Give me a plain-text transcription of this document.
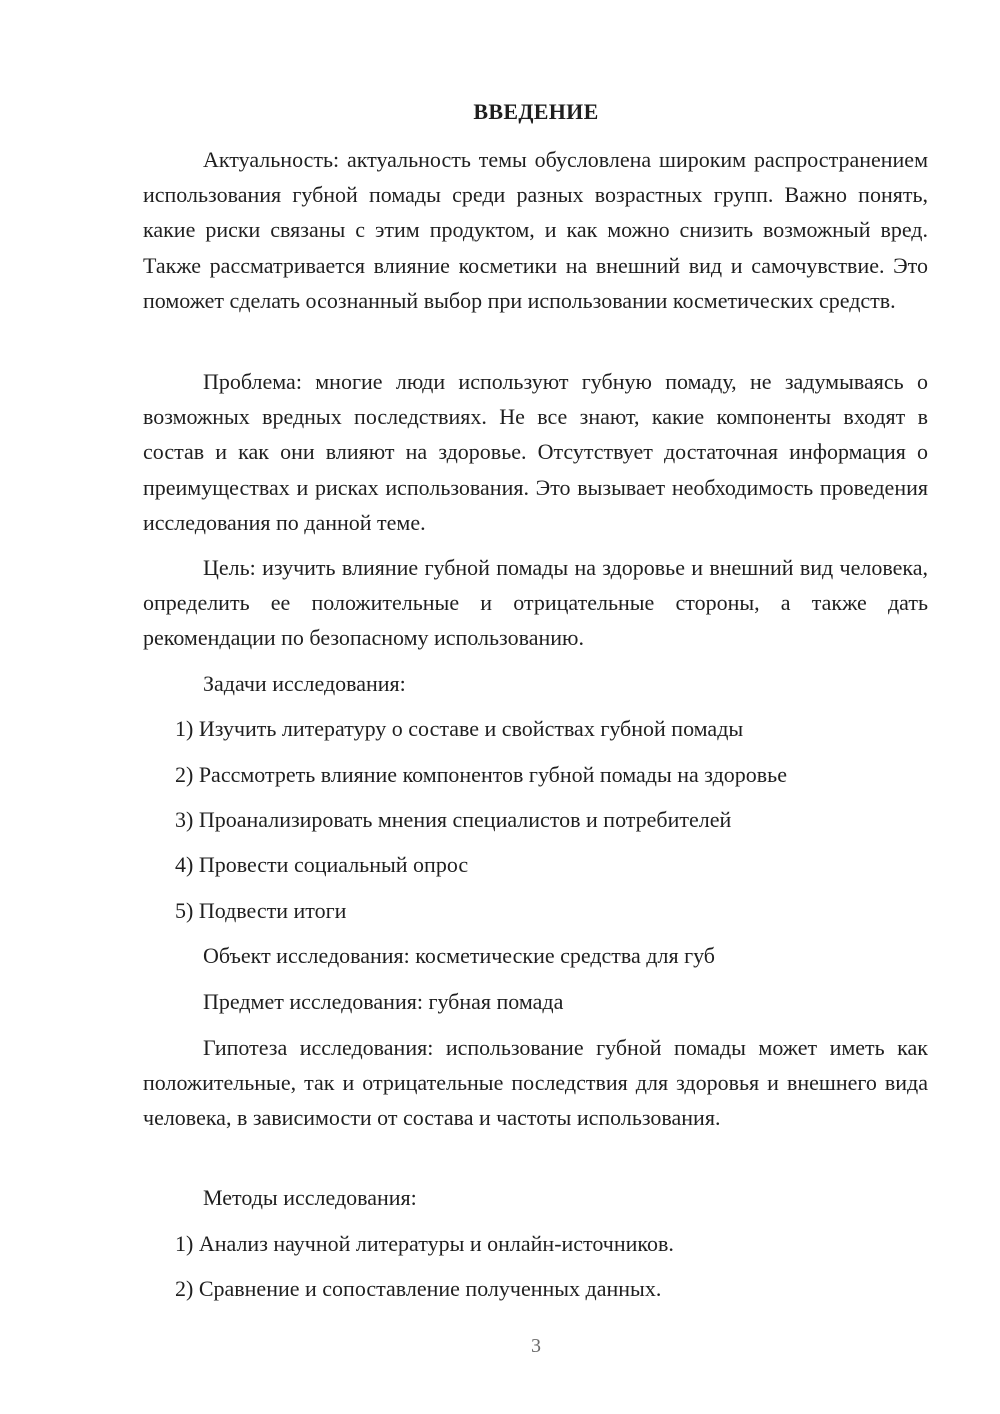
ВВЕДЕНИЕ

Актуальность: актуальность темы обусловлена широким распространением использования губной помады среди разных возрастных групп. Важно понять, какие риски связаны с этим продуктом, и как можно снизить возможный вред. Также рассматривается влияние косметики на внешний вид и самочувствие. Это поможет сделать осознанный выбор при использовании косметических средств.

Проблема: многие люди используют губную помаду, не задумываясь о возможных вредных последствиях. Не все знают, какие компоненты входят в состав и как они влияют на здоровье. Отсутствует достаточная информация о преимуществах и рисках использования. Это вызывает необходимость проведения исследования по данной теме.

Цель: изучить влияние губной помады на здоровье и внешний вид человека, определить ее положительные и отрицательные стороны, а также дать рекомендации по безопасному использованию.

Задачи исследования:

1) Изучить литературу о составе и свойствах губной помады

2) Рассмотреть влияние компонентов губной помады на здоровье

3) Проанализировать мнения специалистов и потребителей

4) Провести социальный опрос

5) Подвести итоги

Объект исследования: косметические средства для губ

Предмет исследования: губная помада

Гипотеза исследования: использование губной помады может иметь как положительные, так и отрицательные последствия для здоровья и внешнего вида человека, в зависимости от состава и частоты использования.

Методы исследования:

1) Анализ научной литературы и онлайн-источников.

2) Сравнение и сопоставление полученных данных.

3
